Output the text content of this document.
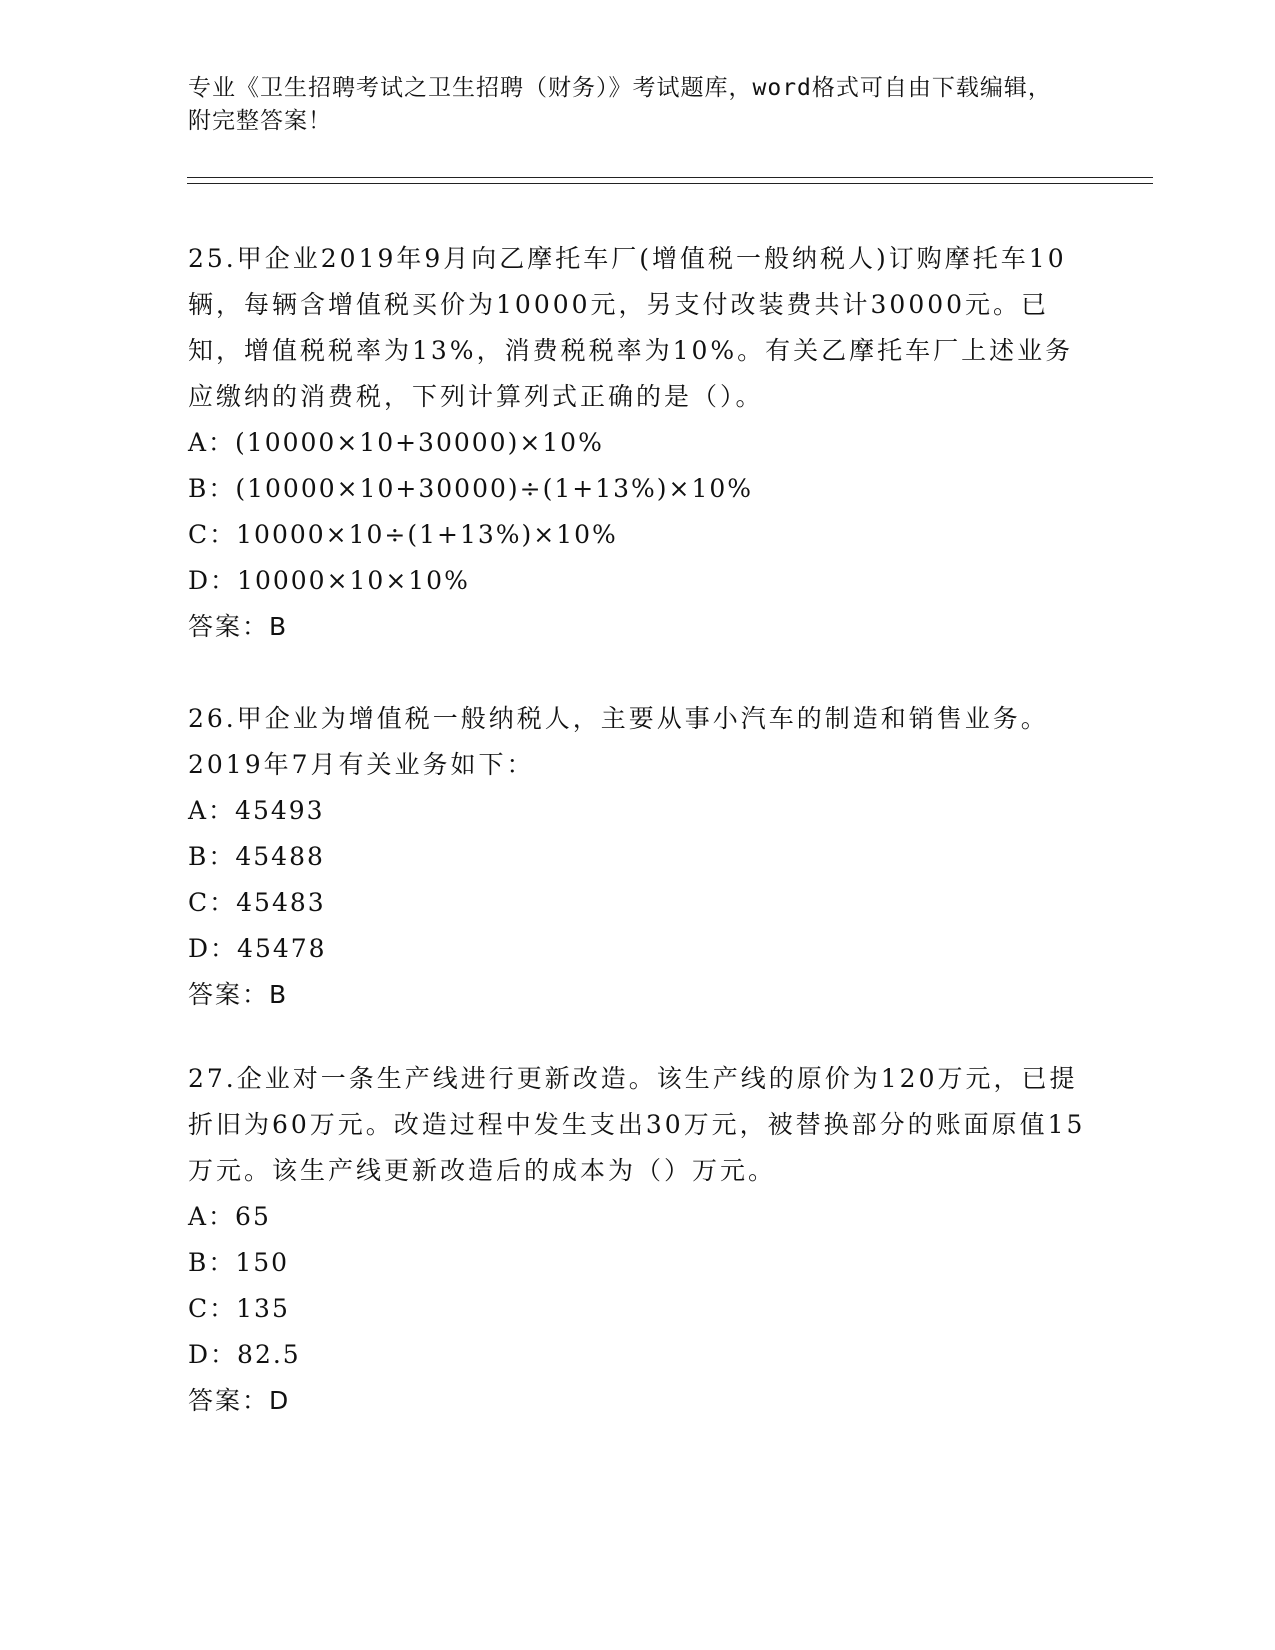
专业《卫生招聘考试之卫生招聘（财务）》考试题库，word格式可自由下载编辑，附完整答案！

25.甲企业2019年9月向乙摩托车厂(增值税一般纳税人)订购摩托车10辆，每辆含增值税买价为10000元，另支付改装费共计30000元。已知，增值税税率为13%，消费税税率为10%。有关乙摩托车厂上述业务应缴纳的消费税，下列计算列式正确的是（）。

A：(10000×10+30000)×10%

B：(10000×10+30000)÷(1+13%)×10%

C：10000×10÷(1+13%)×10%

D：10000×10×10%

答案：B

26.甲企业为增值税一般纳税人，主要从事小汽车的制造和销售业务。2019年7月有关业务如下：

A：45493

B：45488

C：45483

D：45478

答案：B

27.企业对一条生产线进行更新改造。该生产线的原价为120万元，已提折旧为60万元。改造过程中发生支出30万元，被替换部分的账面原值15万元。该生产线更新改造后的成本为（）万元。

A：65

B：150

C：135

D：82.5

答案：D
